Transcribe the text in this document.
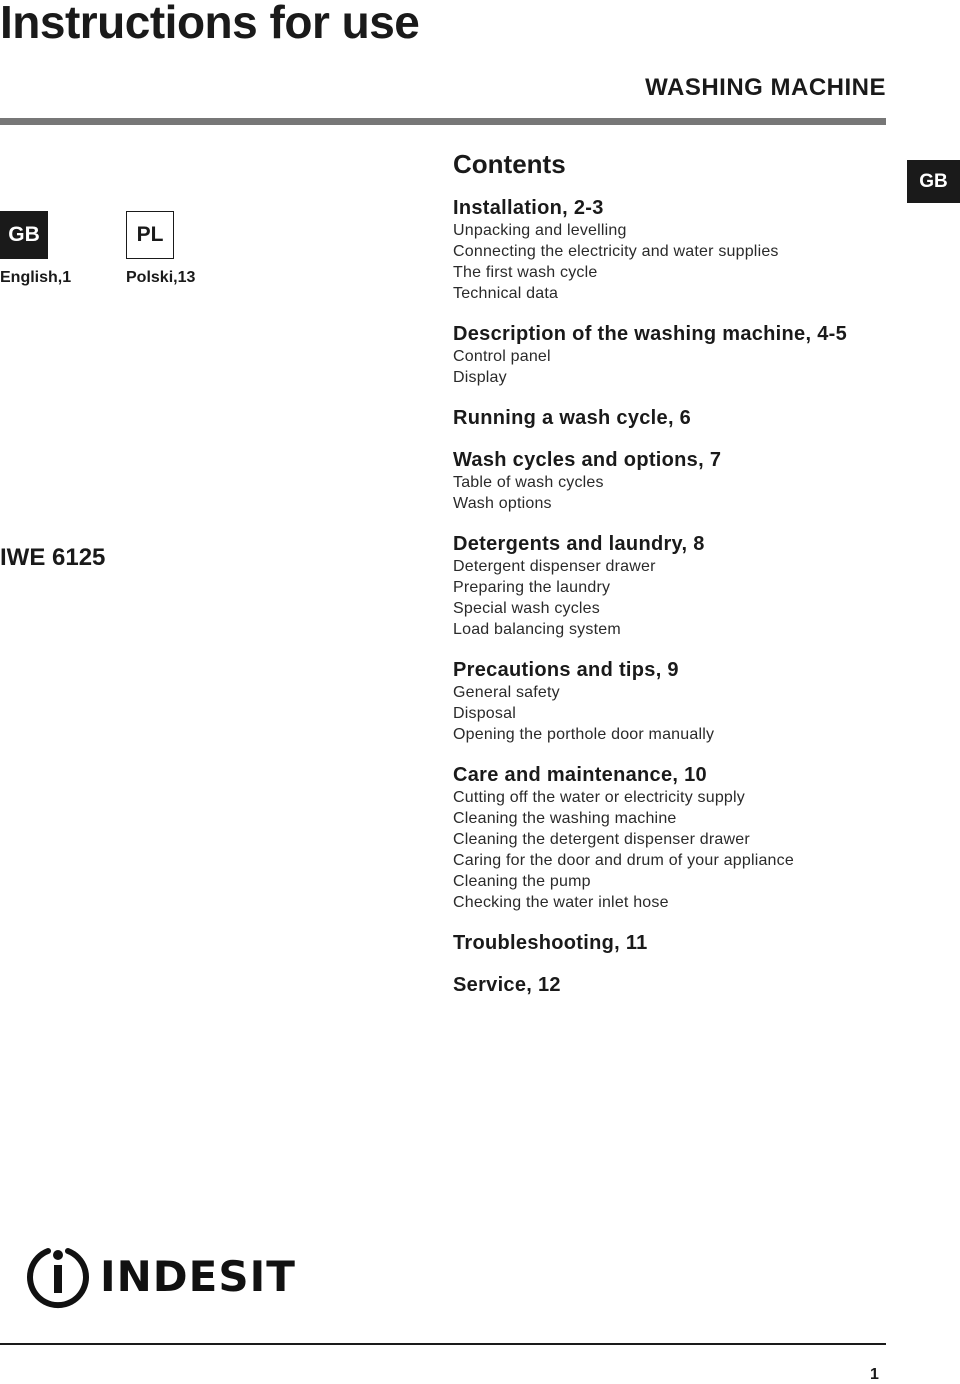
Instructions for use
WASHING MACHINE
GB
GB	PL
English,1	Polski,13
IWE 6125
Contents
Installation, 2-3
Unpacking and levelling
Connecting the electricity and water supplies
The first wash cycle
Technical data
Description of the washing machine, 4-5
Control panel
Display
Running a wash cycle, 6
Wash cycles and options, 7
Table of wash cycles
Wash options
Detergents and laundry, 8
Detergent dispenser drawer
Preparing the laundry
Special wash cycles
Load balancing system
Precautions and tips, 9
General safety
Disposal
Opening the porthole door manually
Care and maintenance, 10
Cutting off the water or electricity supply
Cleaning the washing machine
Cleaning the detergent dispenser drawer
Caring for the door and drum of your appliance
Cleaning the pump
Checking the water inlet hose
Troubleshooting, 11
Service, 12
INDESIT
1
